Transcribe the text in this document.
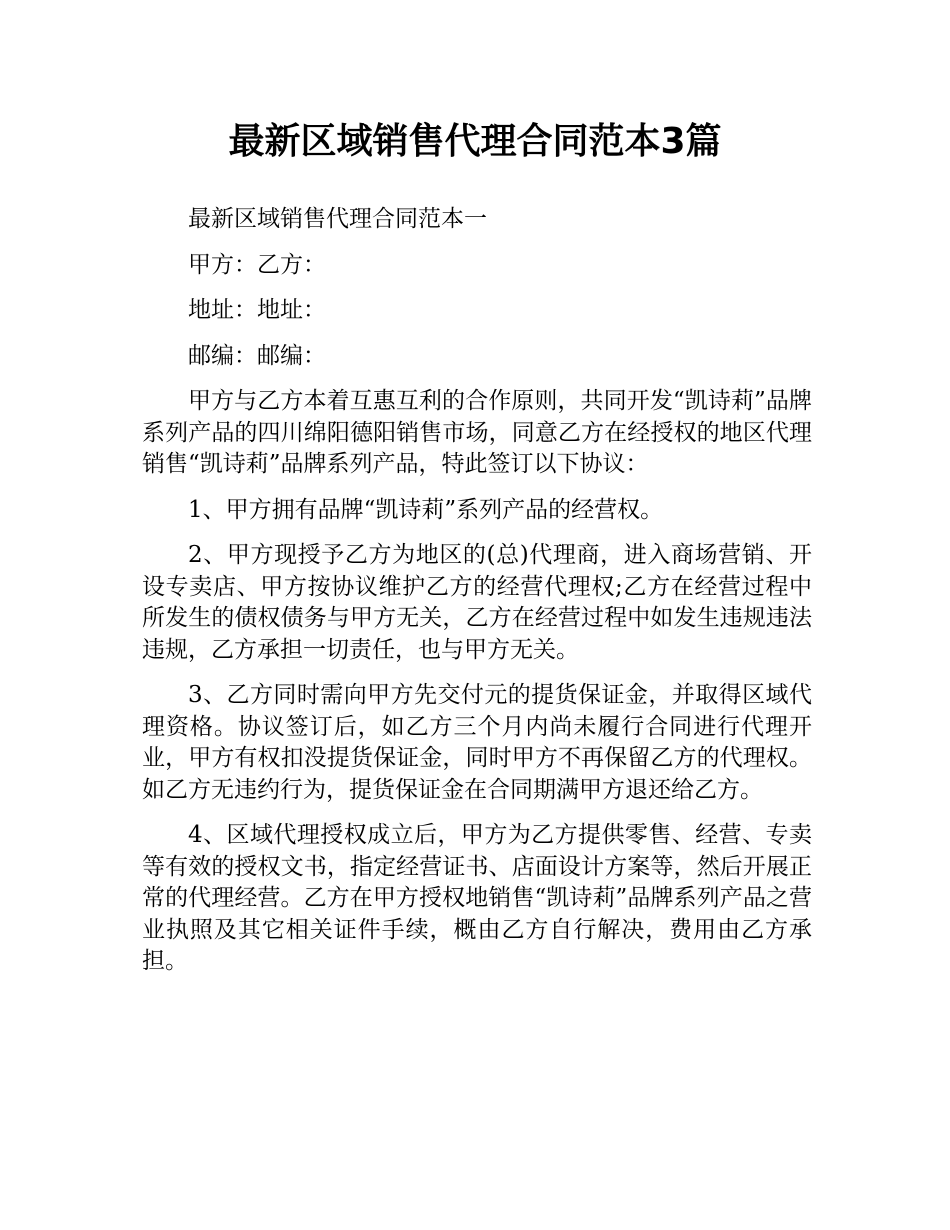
最新区域销售代理合同范本3篇

最新区域销售代理合同范本一

甲方：乙方：

地址：地址：

邮编：邮编：

甲方与乙方本着互惠互利的合作原则，共同开发“凯诗莉”品牌系列产品的四川绵阳德阳销售市场，同意乙方在经授权的地区代理销售“凯诗莉”品牌系列产品，特此签订以下协议：

1、甲方拥有品牌“凯诗莉”系列产品的经营权。

2、甲方现授予乙方为地区的(总)代理商，进入商场营销、开设专卖店、甲方按协议维护乙方的经营代理权;乙方在经营过程中所发生的债权债务与甲方无关，乙方在经营过程中如发生违规违法违规，乙方承担一切责任，也与甲方无关。

3、乙方同时需向甲方先交付元的提货保证金，并取得区域代理资格。协议签订后，如乙方三个月内尚未履行合同进行代理开业，甲方有权扣没提货保证金，同时甲方不再保留乙方的代理权。如乙方无违约行为，提货保证金在合同期满甲方退还给乙方。

4、区域代理授权成立后，甲方为乙方提供零售、经营、专卖等有效的授权文书，指定经营证书、店面设计方案等，然后开展正常的代理经营。乙方在甲方授权地销售“凯诗莉”品牌系列产品之营业执照及其它相关证件手续，概由乙方自行解决，费用由乙方承担。
